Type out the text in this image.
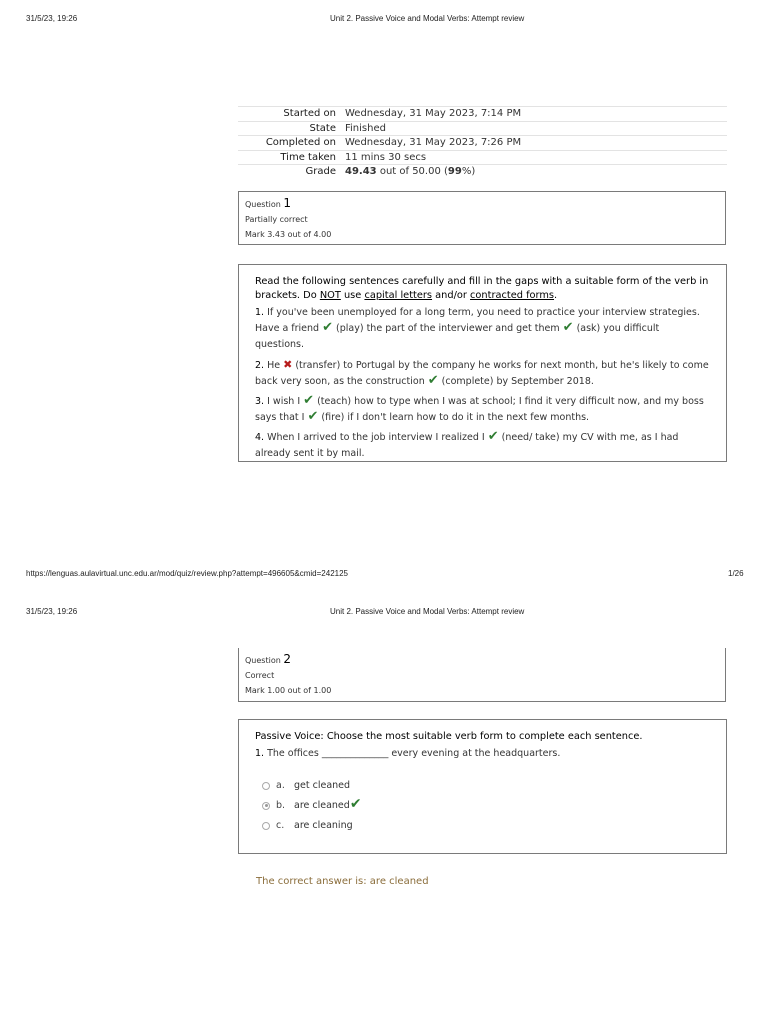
31/5/23, 19:26	Unit 2. Passive Voice and Modal Verbs: Attempt review
Started on	Wednesday, 31 May 2023, 7:14 PM
State	Finished
Completed on	Wednesday, 31 May 2023, 7:26 PM
Time taken	11 mins 30 secs
Grade	49.43 out of 50.00 (99%)
Question 1
Partially correct
Mark 3.43 out of 4.00
Read the following sentences carefully and fill in the gaps with a suitable form of the verb in brackets. Do NOT use capital letters and/or contracted forms.

1. If you've been unemployed for a long term, you need to practice your interview strategies. Have a friend ✔ (play) the part of the interviewer and get them ✔ (ask) you difficult questions.

2. He ✖ (transfer) to Portugal by the company he works for next month, but he's likely to come back very soon, as the construction ✔ (complete) by September 2018.

3. I wish I ✔ (teach) how to type when I was at school; I find it very difficult now, and my boss says that I ✔ (fire) if I don't learn how to do it in the next few months.

4. When I arrived to the job interview I realized I ✔ (need/ take) my CV with me, as I had already sent it by mail.

https://lenguas.aulavirtual.unc.edu.ar/mod/quiz/review.php?attempt=496605&cmid=242125	1/26
31/5/23, 19:26	Unit 2. Passive Voice and Modal Verbs: Attempt review
Question 2
Correct
Mark 1.00 out of 1.00
Passive Voice: Choose the most suitable verb form to complete each sentence.

1. The offices ______________ every evening at the headquarters.

a. get cleaned
b. are cleaned✔
c. are cleaning
The correct answer is: are cleaned
